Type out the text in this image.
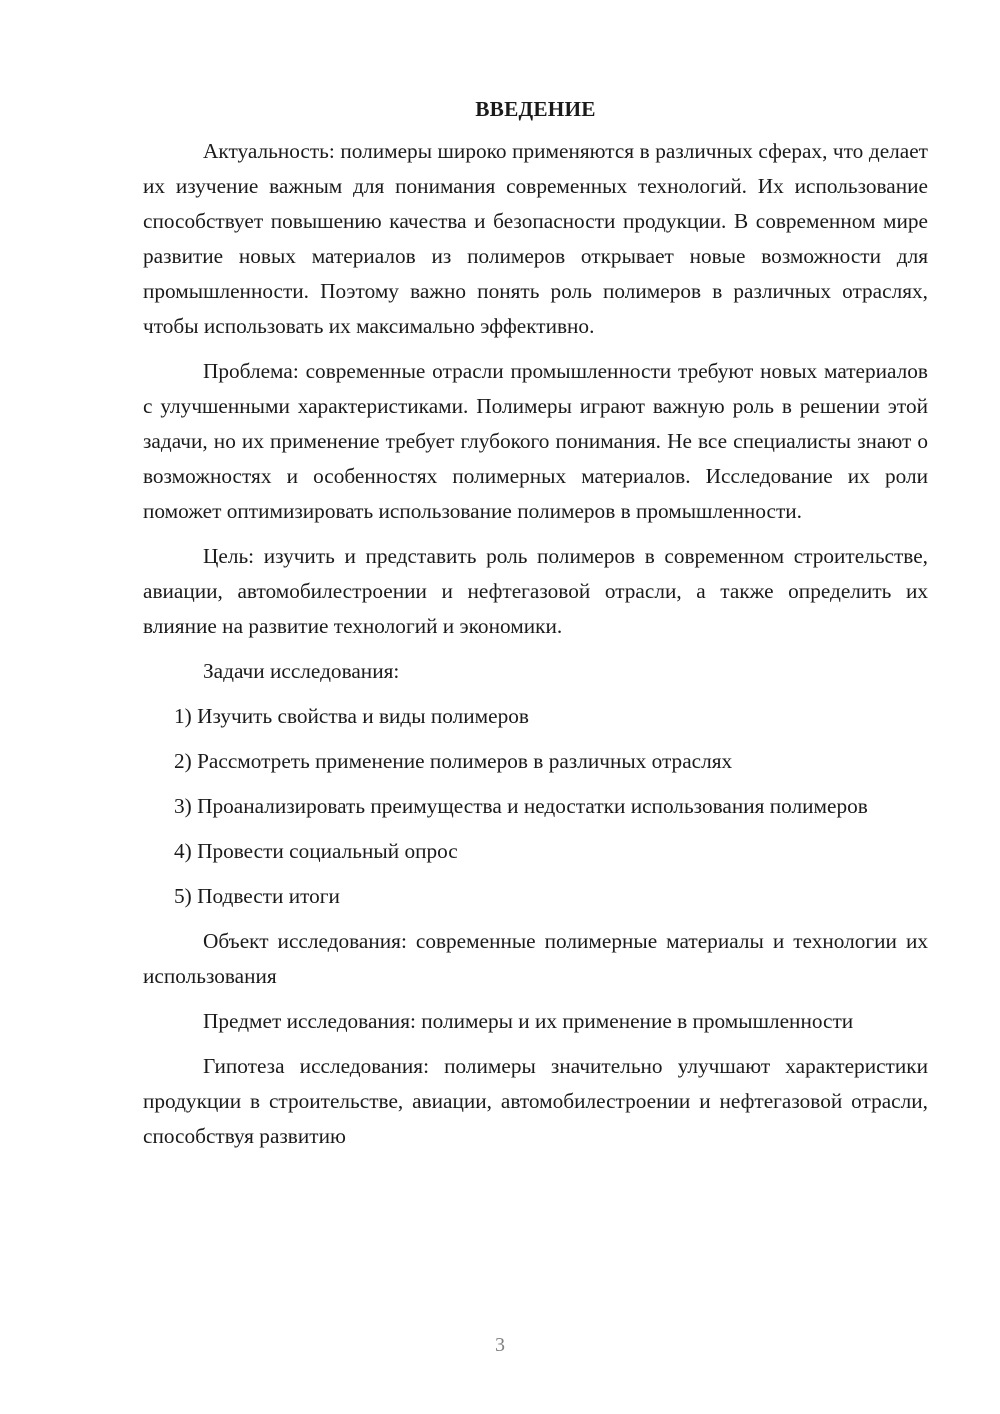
ВВЕДЕНИЕ

Актуальность: полимеры широко применяются в различных сферах, что делает их изучение важным для понимания современных технологий. Их использование способствует повышению качества и безопасности продукции. В современном мире развитие новых материалов из полимеров открывает новые возможности для промышленности. Поэтому важно понять роль полимеров в различных отраслях, чтобы использовать их максимально эффективно.

Проблема: современные отрасли промышленности требуют новых материалов с улучшенными характеристиками. Полимеры играют важную роль в решении этой задачи, но их применение требует глубокого понимания. Не все специалисты знают о возможностях и особенностях полимерных материалов. Исследование их роли поможет оптимизировать использование полимеров в промышленности.

Цель: изучить и представить роль полимеров в современном строительстве, авиации, автомобилестроении и нефтегазовой отрасли, а также определить их влияние на развитие технологий и экономики.

Задачи исследования:

1) Изучить свойства и виды полимеров

2) Рассмотреть применение полимеров в различных отраслях

3) Проанализировать преимущества и недостатки использования полимеров

4) Провести социальный опрос

5) Подвести итоги

Объект исследования: современные полимерные материалы и технологии их использования

Предмет исследования: полимеры и их применение в промышленности

Гипотеза исследования: полимеры значительно улучшают характеристики продукции в строительстве, авиации, автомобилестроении и нефтегазовой отрасли, способствуя развитию

3
